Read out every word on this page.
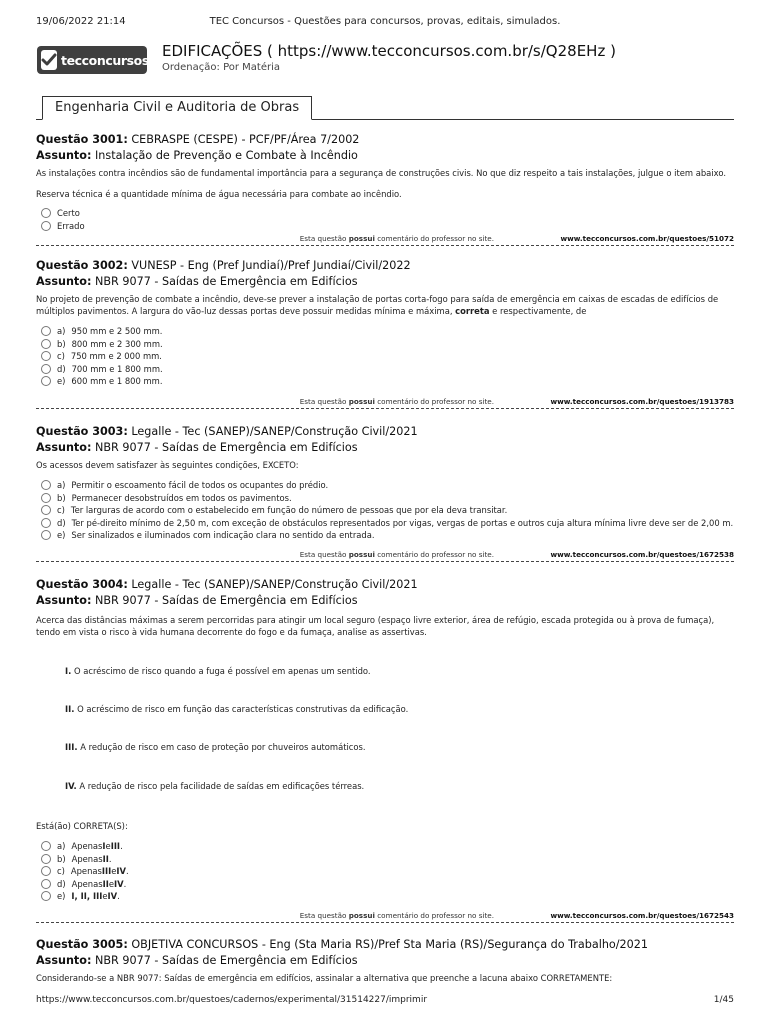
19/06/2022 21:14	TEC Concursos - Questões para concursos, provas, editais, simulados.
tecconcursos EDIFICAÇÕES ( https://www.tecconcursos.com.br/s/Q28EHz )
Ordenação: Por Matéria
Engenharia Civil e Auditoria de Obras
Questão 3001: CEBRASPE (CESPE) - PCF/PF/Área 7/2002
Assunto: Instalação de Prevenção e Combate à Incêndio

As instalações contra incêndios são de fundamental importância para a segurança de construções civis. No que diz respeito a tais instalações, julgue o item abaixo.

Reserva técnica é a quantidade mínima de água necessária para combate ao incêndio.

Certo
Errado
Esta questão possui comentário do professor no site.	www.tecconcursos.com.br/questoes/51072
Questão 3002: VUNESP - Eng (Pref Jundiaí)/Pref Jundiaí/Civil/2022
Assunto: NBR 9077 - Saídas de Emergência em Edifícios

No projeto de prevenção de combate a incêndio, deve-se prever a instalação de portas corta-fogo para saída de emergência em caixas de escadas de edifícios de múltiplos pavimentos. A largura do vão-luz dessas portas deve possuir medidas mínima e máxima, correta e respectivamente, de

a) 950 mm e 2 500 mm.
b) 800 mm e 2 300 mm.
c) 750 mm e 2 000 mm.
d) 700 mm e 1 800 mm.
e) 600 mm e 1 800 mm.
Esta questão possui comentário do professor no site.	www.tecconcursos.com.br/questoes/1913783
Questão 3003: Legalle - Tec (SANEP)/SANEP/Construção Civil/2021
Assunto: NBR 9077 - Saídas de Emergência em Edifícios

Os acessos devem satisfazer às seguintes condições, EXCETO:

a) Permitir o escoamento fácil de todos os ocupantes do prédio.
b) Permanecer desobstruídos em todos os pavimentos.
c) Ter larguras de acordo com o estabelecido em função do número de pessoas que por ela deva transitar.
d) Ter pé-direito mínimo de 2,50 m, com exceção de obstáculos representados por vigas, vergas de portas e outros cuja altura mínima livre deve ser de 2,00 m.
e) Ser sinalizados e iluminados com indicação clara no sentido da entrada.
Esta questão possui comentário do professor no site.	www.tecconcursos.com.br/questoes/1672538
Questão 3004: Legalle - Tec (SANEP)/SANEP/Construção Civil/2021
Assunto: NBR 9077 - Saídas de Emergência em Edifícios

Acerca das distâncias máximas a serem percorridas para atingir um local seguro (espaço livre exterior, área de refúgio, escada protegida ou à prova de fumaça), tendo em vista o risco à vida humana decorrente do fogo e da fumaça, analise as assertivas.

I. O acréscimo de risco quando a fuga é possível em apenas um sentido.
II. O acréscimo de risco em função das características construtivas da edificação.
III. A redução de risco em caso de proteção por chuveiros automáticos.
IV. A redução de risco pela facilidade de saídas em edificações térreas.
Está(ão) CORRETA(S):
a) Apenas I e III .
b) Apenas II .
c) Apenas III e IV .
d) Apenas II e IV .
e) I, II, III e IV .
Esta questão possui comentário do professor no site.	www.tecconcursos.com.br/questoes/1672543
Questão 3005: OBJETIVA CONCURSOS - Eng (Sta Maria RS)/Pref Sta Maria (RS)/Segurança do Trabalho/2021
Assunto: NBR 9077 - Saídas de Emergência em Edifícios

Considerando-se a NBR 9077: Saídas de emergência em edifícios, assinalar a alternativa que preenche a lacuna abaixo CORRETAMENTE:

https://www.tecconcursos.com.br/questoes/cadernos/experimental/31514227/imprimir	1/45
